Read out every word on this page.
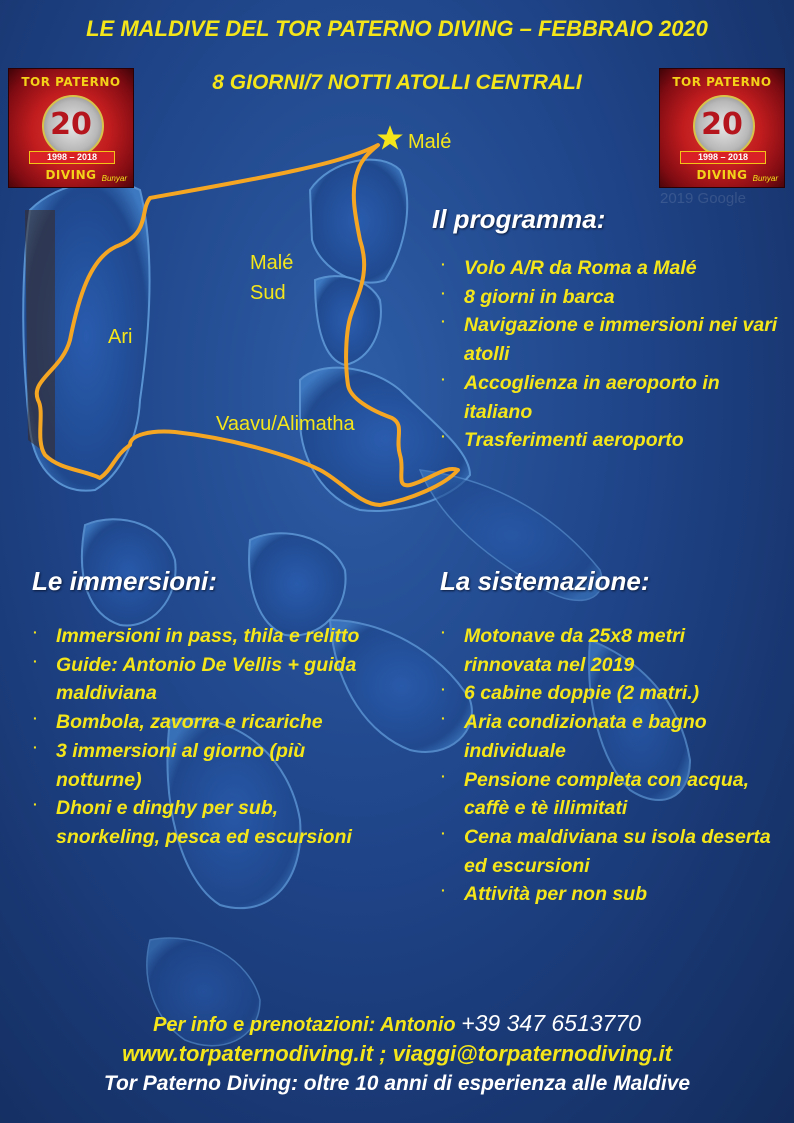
LE MALDIVE DEL TOR PATERNO DIVING – FEBBRAIO 2020
8 GIORNI/7 NOTTI ATOLLI CENTRALI
TOR PATERNO
20
1998 – 2018
DIVING Bunyar
TOR PATERNO
20
1998 – 2018
DIVING Bunyar
Malé
Malé
Sud
Ari
Vaavu/Alimatha
2019 Google
Il programma:
· Volo A/R da Roma a Malé
· 8 giorni in barca
· Navigazione e immersioni nei vari atolli
· Accoglienza in aeroporto in italiano
· Trasferimenti aeroporto
Le immersioni:
· Immersioni in pass, thila e relitto
· Guide: Antonio De Vellis + guida maldiviana
· Bombola, zavorra e ricariche
· 3 immersioni al giorno (più notturne)
· Dhoni e dinghy per sub, snorkeling, pesca ed escursioni
La sistemazione:
· Motonave da 25x8 metri rinnovata nel 2019
· 6 cabine doppie (2 matri.)
· Aria condizionata e bagno individuale
· Pensione completa con acqua, caffè e tè illimitati
· Cena maldiviana su isola deserta ed escursioni
· Attività per non sub
Per info e prenotazioni: Antonio +39 347 6513770
www.torpaternodiving.it ; viaggi@torpaternodiving.it
Tor Paterno Diving: oltre 10 anni di esperienza alle Maldive
